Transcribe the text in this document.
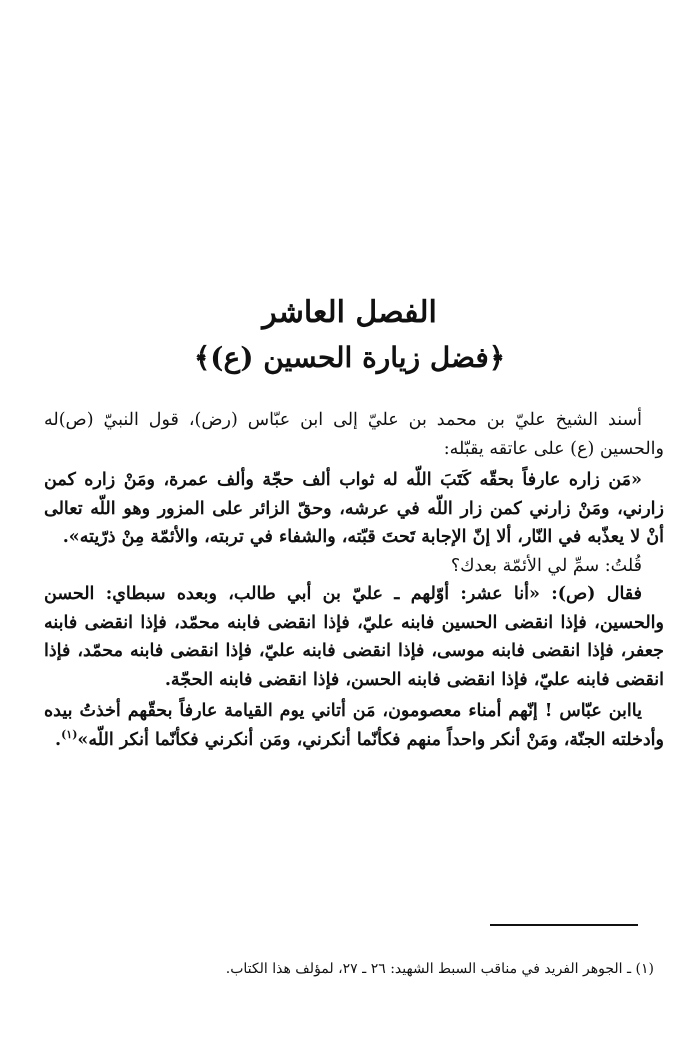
الفصل العاشر
﴿فضل زيارة الحسين (ع)﴾

أسند الشيخ عليّ بن محمد بن عليّ إلى ابن عبّاس (رض)، قول النبيّ (ص)له والحسين (ع) على عاتقه يقبّله:

«مَن زاره عارفاً بحقّه كَتَبَ اللّه له ثواب ألف حجّة وألف عمرة، ومَنْ زاره كمن زارني، ومَنْ زارني كمن زار اللّه في عرشه، وحقّ الزائر على المزور وهو اللّه تعالى أنْ لا يعذّبه في النّار، ألا إنّ الإجابة تَحتَ قبّته، والشفاء في تربته، والأئمّة مِنْ ذرّيته».

قُلتُ: سمِّ لي الأئمّة بعدك؟

فقال (ص): «أنا عشر: أوّلهم ـ عليّ بن أبي طالب، وبعده سبطاي: الحسن والحسين، فإذا انقضى الحسين فابنه عليّ، فإذا انقضى فابنه محمّد، فإذا انقضى فابنه جعفر، فإذا انقضى فابنه موسى، فإذا انقضى فابنه عليّ، فإذا انقضى فابنه محمّد، فإذا انقضى فابنه عليّ، فإذا انقضى فابنه الحسن، فإذا انقضى فابنه الحجّة.

ياابن عبّاس ! إنّهم أمناء معصومون، مَن أتاني يوم القيامة عارفاً بحقّهم أخذتُ بيده وأدخلته الجنّة، ومَنْ أنكر واحداً منهم فكأنّما أنكرني، ومَن أنكرني فكأنّما أنكر اللّه»$^{(١)}$.

(١) ـ الجوهر الفريد في مناقب السبط الشهيد: ٢٦ ـ ٢٧، لمؤلف هذا الكتاب.
